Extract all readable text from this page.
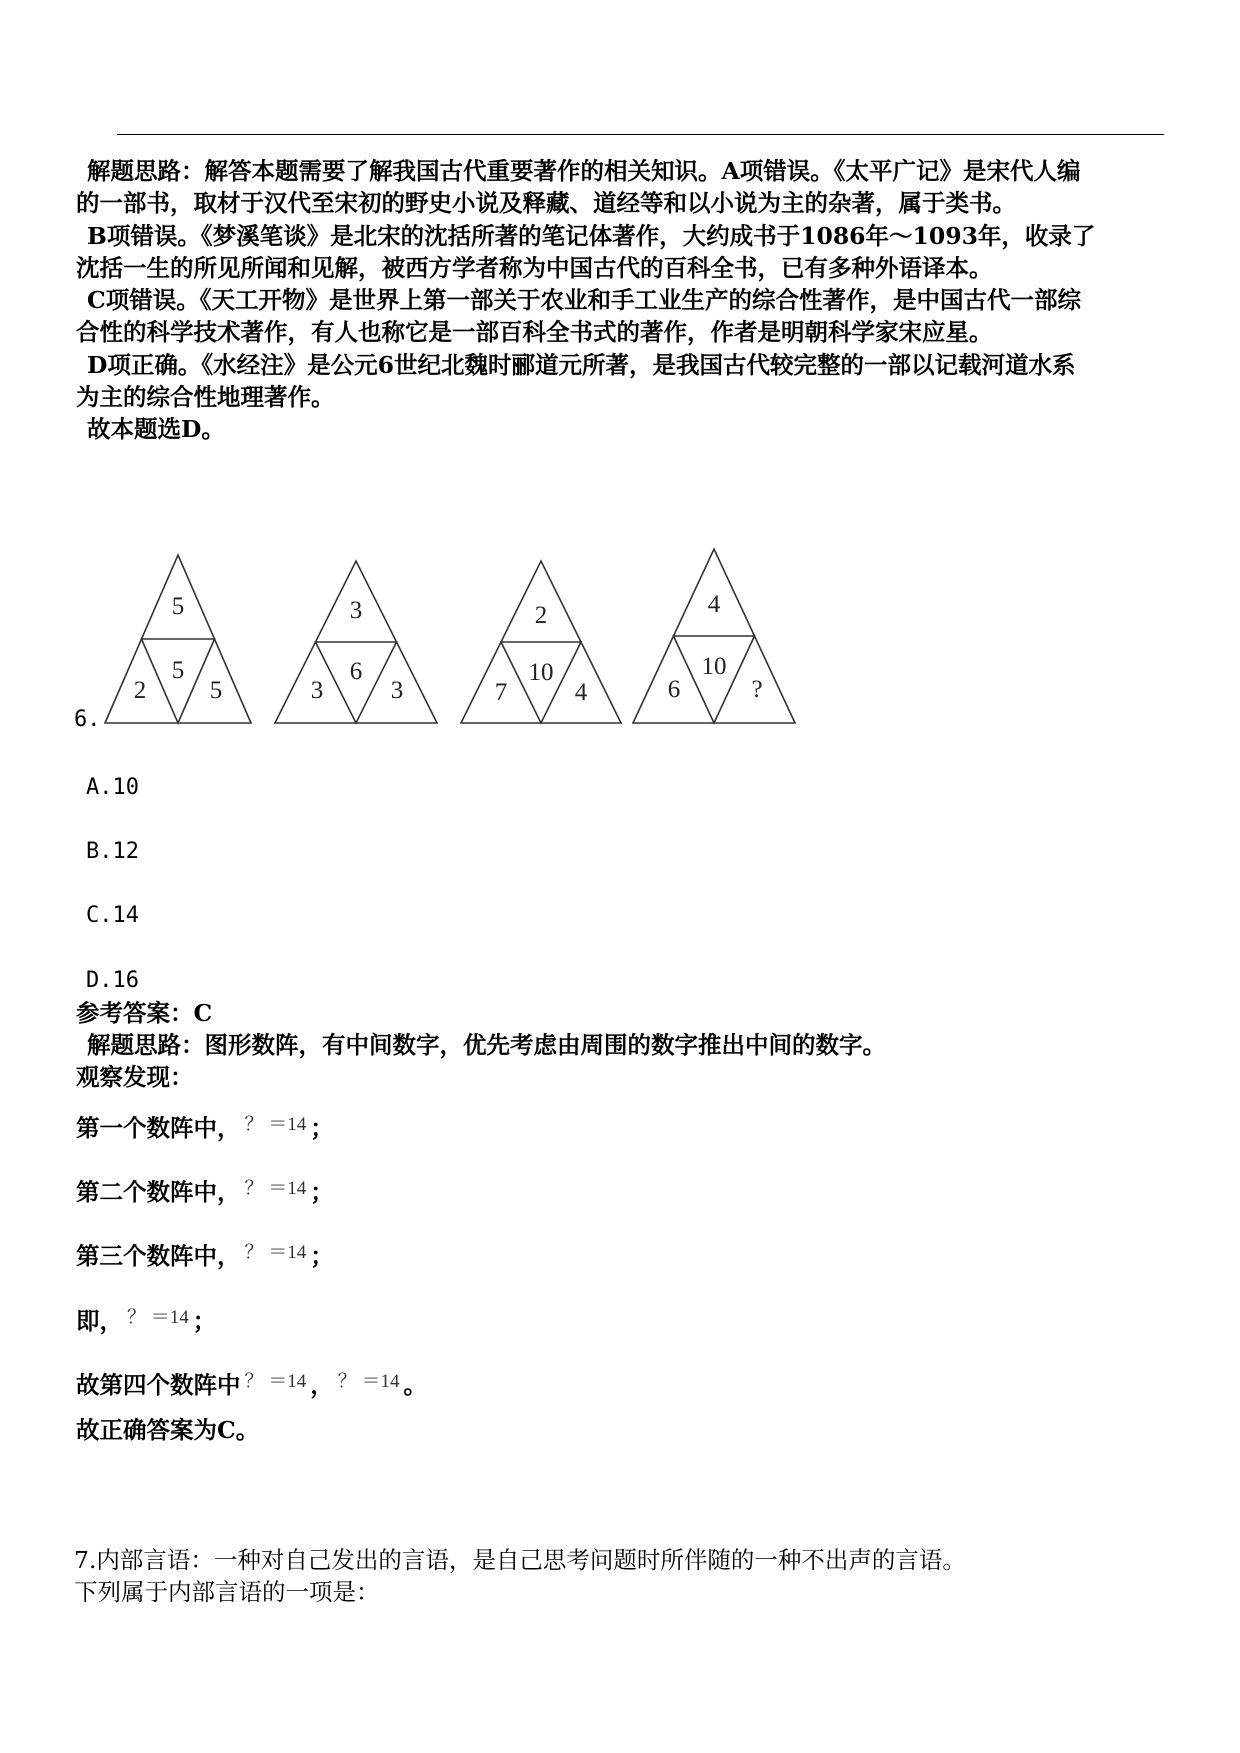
解题思路：解答本题需要了解我国古代重要著作的相关知识。A项错误。《太平广记》是宋代人编
的一部书，取材于汉代至宋初的野史小说及释藏、道经等和以小说为主的杂著，属于类书。
B项错误。《梦溪笔谈》是北宋的沈括所著的笔记体著作，大约成书于1086年～1093年，收录了
沈括一生的所见所闻和见解，被西方学者称为中国古代的百科全书，已有多种外语译本。
C项错误。《天工开物》是世界上第一部关于农业和手工业生产的综合性著作，是中国古代一部综
合性的科学技术著作，有人也称它是一部百科全书式的著作，作者是明朝科学家宋应星。
D项正确。《水经注》是公元6世纪北魏时郦道元所著，是我国古代较完整的一部以记载河道水系
为主的综合性地理著作。
故本题选D。
6.
5
5
2	5
3
6
3	3
2
10
7	4
4
10
6	?
A.10
B.12
C.14
D.16
参考答案：C
解题思路：图形数阵，有中间数字，优先考虑由周围的数字推出中间的数字。
观察发现：
第一个数阵中， $^{? =14}$ ；
第二个数阵中， $^{? =14}$ ；
第三个数阵中， $^{? =14}$ ；
即， $^{? =14}$ ；
故第四个数阵中 $^{? =14}$ ， $^{? =14}$ 。
故正确答案为C。
7.内部言语：一种对自己发出的言语，是自己思考问题时所伴随的一种不出声的言语。
下列属于内部言语的一项是：
